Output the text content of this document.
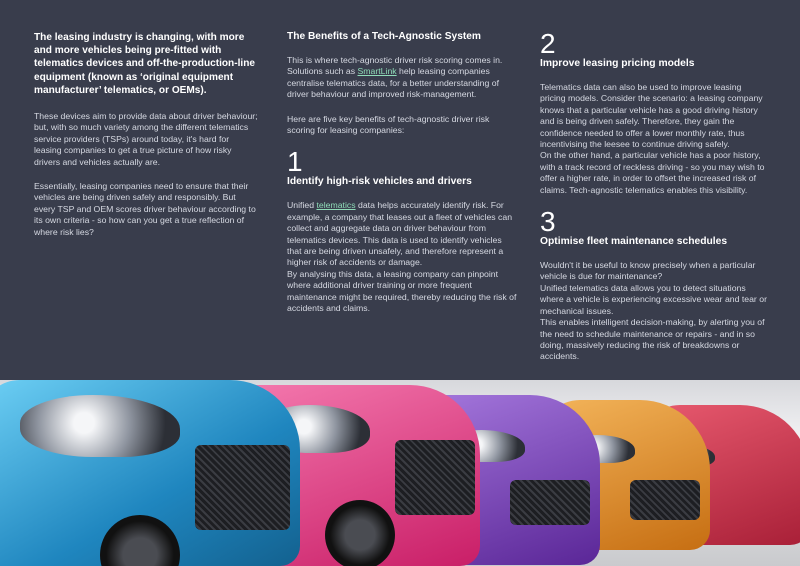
The leasing industry is changing, with more and more vehicles being pre-fitted with telematics devices and off-the-production-line equipment (known as ‘original equipment manufacturer’ telematics, or OEMs).

These devices aim to provide data about driver behaviour; but, with so much variety among the different telematics service providers (TSPs) around today, it's hard for leasing companies to get a true picture of how risky drivers and vehicles actually are.

Essentially, leasing companies need to ensure that their vehicles are being driven safely and responsibly. But every TSP and OEM scores driver behaviour according to its own criteria - so how can you get a true reflection of where risk lies?

The Benefits of a Tech-Agnostic System

This is where tech-agnostic driver risk scoring comes in. Solutions such as SmartLink help leasing companies centralise telematics data, for a better understanding of driver behaviour and improved risk-management.

Here are five key benefits of tech-agnostic driver risk scoring for leasing companies:

1

Identify high-risk vehicles and drivers

Unified telematics data helps accurately identify risk. For example, a company that leases out a fleet of vehicles can collect and aggregate data on driver behaviour from telematics devices. This data is used to identify vehicles that are being driven unsafely, and therefore represent a higher risk of accidents or damage.

By analysing this data, a leasing company can pinpoint where additional driver training or more frequent maintenance might be required, thereby reducing the risk of accidents and claims.

2

Improve leasing pricing models

Telematics data can also be used to improve leasing pricing models. Consider the scenario: a leasing company knows that a particular vehicle has a good driving history and is being driven safely. Therefore, they gain the confidence needed to offer a lower monthly rate, thus incentivising the leesee to continue driving safely.

On the other hand, a particular vehicle has a poor history, with a track record of reckless driving - so you may wish to offer a higher rate, in order to offset the increased risk of claims. Tech-agnostic telematics enables this visibility.

3

Optimise fleet maintenance schedules

Wouldn't it be useful to know precisely when a particular vehicle is due for maintenance?

Unified telematics data allows you to detect situations where a vehicle is experiencing excessive wear and tear or mechanical issues.

This enables intelligent decision-making, by alerting you of the need to schedule maintenance or repairs - and in so doing, massively reducing the risk of breakdowns or accidents.
